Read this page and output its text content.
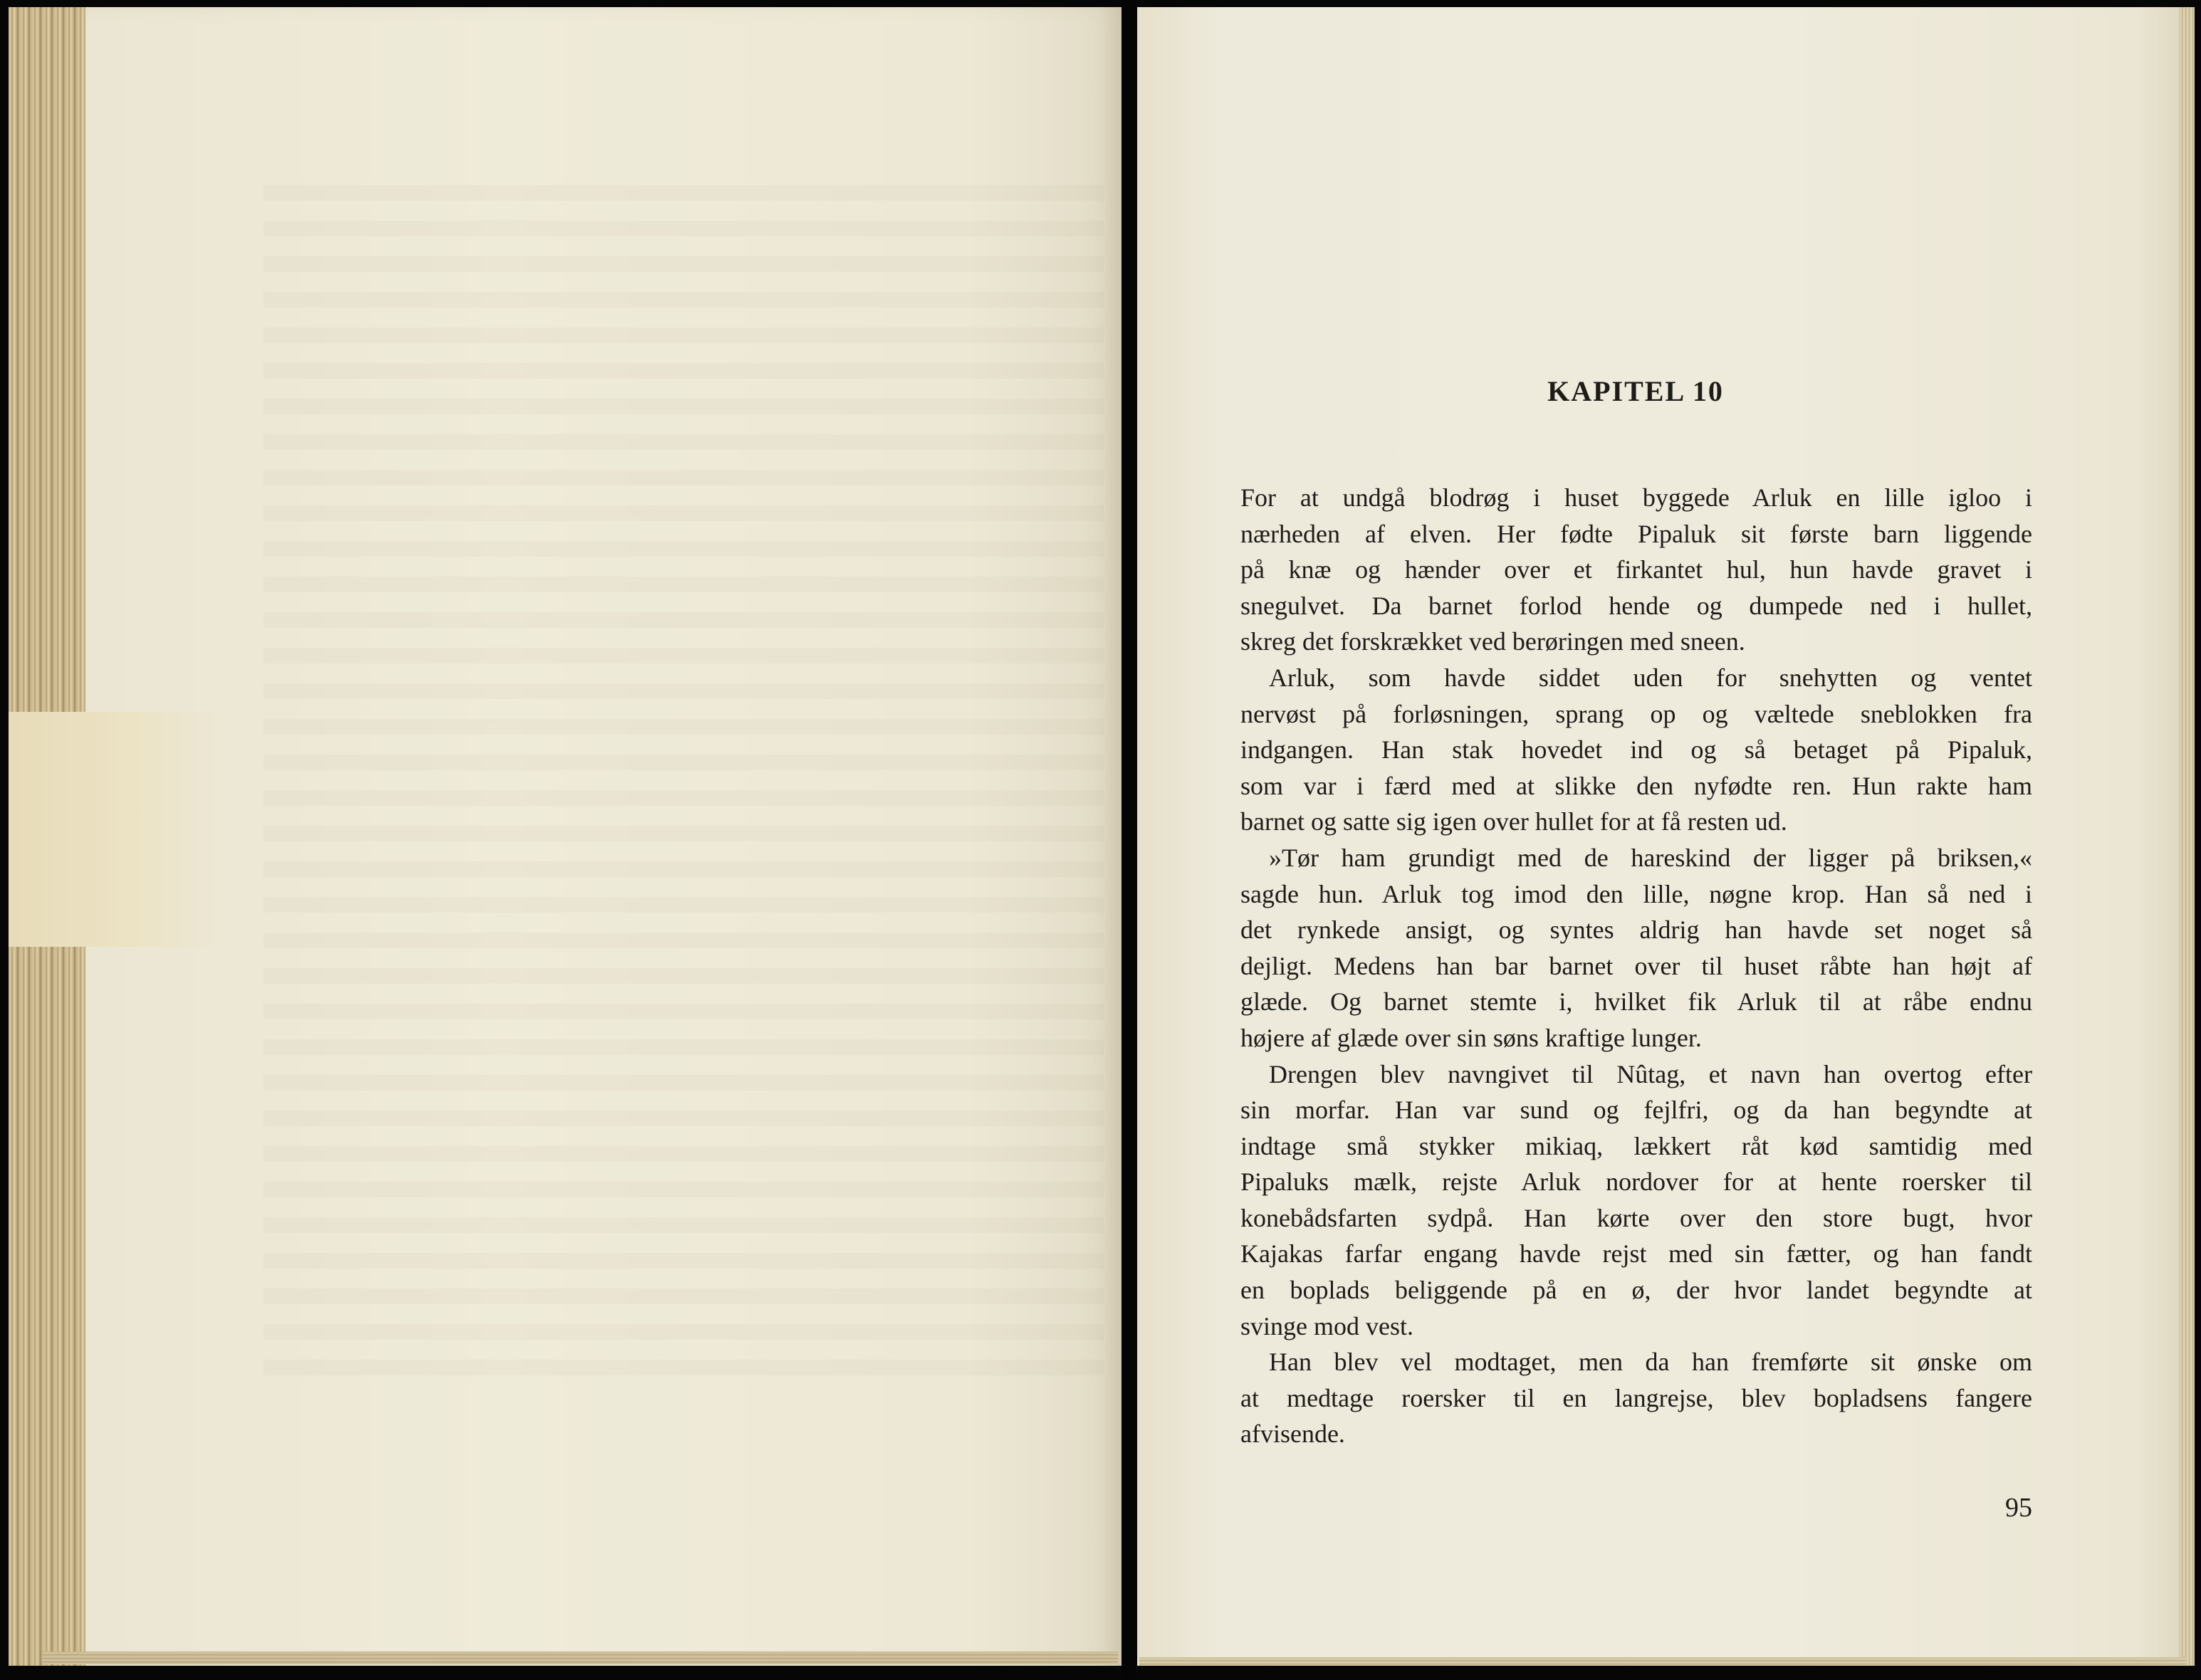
KAPITEL 10
For at undgå blodrøg i huset byggede Arluk en lille igloo i
nærheden af elven. Her fødte Pipaluk sit første barn liggende
på knæ og hænder over et firkantet hul, hun havde gravet i
snegulvet. Da barnet forlod hende og dumpede ned i hullet,
skreg det forskrækket ved berøringen med sneen.
Arluk, som havde siddet uden for snehytten og ventet
nervøst på forløsningen, sprang op og væltede sneblokken fra
indgangen. Han stak hovedet ind og så betaget på Pipaluk,
som var i færd med at slikke den nyfødte ren. Hun rakte ham
barnet og satte sig igen over hullet for at få resten ud.
»Tør ham grundigt med de hareskind der ligger på briksen,«
sagde hun. Arluk tog imod den lille, nøgne krop. Han så ned i
det rynkede ansigt, og syntes aldrig han havde set noget så
dejligt. Medens han bar barnet over til huset råbte han højt af
glæde. Og barnet stemte i, hvilket fik Arluk til at råbe endnu
højere af glæde over sin søns kraftige lunger.
Drengen blev navngivet til Nûtag, et navn han overtog efter
sin morfar. Han var sund og fejlfri, og da han begyndte at
indtage små stykker mikiaq, lækkert råt kød samtidig med
Pipaluks mælk, rejste Arluk nordover for at hente roersker til
konebådsfarten sydpå. Han kørte over den store bugt, hvor
Kajakas farfar engang havde rejst med sin fætter, og han fandt
en boplads beliggende på en ø, der hvor landet begyndte at
svinge mod vest.
Han blev vel modtaget, men da han fremførte sit ønske om
at medtage roersker til en langrejse, blev bopladsens fangere
afvisende.
95
